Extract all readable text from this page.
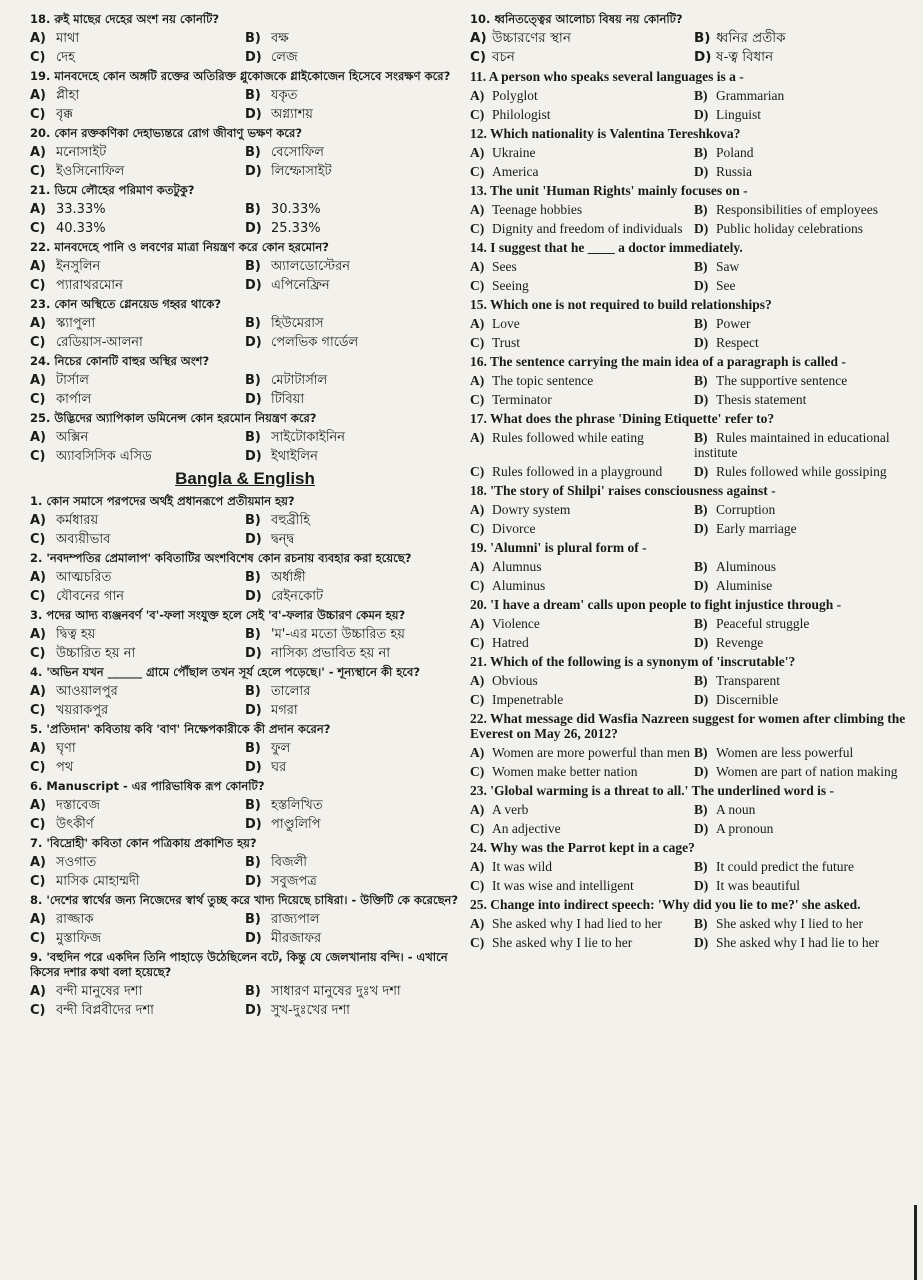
18. রুই মাছের দেহের অংশ নয় কোনটি?
A) মাথা	B) বক্ষ
C) দেহ	D) লেজ
19. মানবদেহে কোন অঙ্গটি রক্তের অতিরিক্ত গ্লুকোজকে গ্লাইকোজেন হিসেবে সংরক্ষণ করে?
A) প্লীহা	B) যকৃত
C) বৃক্ক	D) অগ্ন্যাশয়
20. কোন রক্তকণিকা দেহাভ্যন্তরে রোগ জীবাণু ভক্ষণ করে?
A) মনোসাইট	B) বেসোফিল
C) ইওসিনোফিল	D) লিম্ফোসাইট
21. ডিমে লৌহের পরিমাণ কতটুকু?
A) 33.33%	B) 30.33%
C) 40.33%	D) 25.33%
22. মানবদেহে পানি ও লবণের মাত্রা নিয়ন্ত্রণ করে কোন হরমোন?
A) ইনসুলিন	B) অ্যালডোস্টেরন
C) প্যারাথরমোন	D) এপিনেফ্রিন
23. কোন অস্থিতে গ্লেনয়েড গহ্বর থাকে?
A) স্ক্যাপুলা	B) হিউমেরাস
C) রেডিয়াস-আলনা	D) পেলভিক গার্ডেল
24. নিচের কোনটি বাহুর অস্থির অংশ?
A) টার্সাল	B) মেটাটার্সাল
C) কার্পাল	D) টিবিয়া
25. উদ্ভিদের অ্যাপিকাল ডমিনেন্স কোন হরমোন নিয়ন্ত্রণ করে?
A) অক্সিন	B) সাইটোকাইনিন
C) অ্যাবসিসিক এসিড	D) ইথাইলিন
Bangla & English
1. কোন সমাসে পরপদের অর্থই প্রধানরূপে প্রতীয়মান হয়?
A) কর্মধারয়	B) বহুব্রীহি
C) অব্যয়ীভাব	D) দ্বন্দ্ব
2. 'নবদম্পতির প্রেমালাপ' কবিতাটির অংশবিশেষ কোন রচনায় ব্যবহার করা হয়েছে?
A) আত্মচরিত	B) অর্ধাঙ্গী
C) যৌবনের গান	D) রেইনকোট
3. পদের আদ্য ব্যঞ্জনবর্ণ 'ব'-ফলা সংযুক্ত হলে সেই 'ব'-ফলার উচ্চারণ কেমন হয়?
A) দ্বিত্ব হয়	B) 'ম'-এর মতো উচ্চারিত হয়
C) উচ্চারিত হয় না	D) নাসিক্য প্রভাবিত হয় না
4. 'অভিন যখন ______ গ্রামে পৌঁছাল তখন সূর্য হেলে পড়েছে।' - শূন্যস্থানে কী হবে?
A) আওয়ালপুর	B) তালোর
C) খয়রাকপুর	D) মগরা
5. 'প্রতিদান' কবিতায় কবি 'বাণ' নিক্ষেপকারীকে কী প্রদান করেন?
A) ঘৃণা	B) ফুল
C) পথ	D) ঘর
6. Manuscript - এর পারিভাষিক রূপ কোনটি?
A) দস্তাবেজ	B) হস্তলিখিত
C) উৎকীর্ণ	D) পাণ্ডুলিপি
7. 'বিদ্রোহী' কবিতা কোন পত্রিকায় প্রকাশিত হয়?
A) সওগাত	B) বিজলী
C) মাসিক মোহাম্মদী	D) সবুজপত্র
8. 'দেশের স্বার্থের জন্য নিজেদের স্বার্থ তুচ্ছ করে খাদ্য দিয়েছে চাষিরা। - উক্তিটি কে করেছেন?
A) রাজ্জাক	B) রাজ্যপাল
C) মুস্তাফিজ	D) মীরজাফর
9. 'বহুদিন পরে একদিন তিনি পাহাড়ে উঠেছিলেন বটে, কিন্তু যে জেলখানায় বন্দি। - এখানে কিসের দশার কথা বলা হয়েছে?
A) বন্দী মানুষের দশা	B) সাধারণ মানুষের দুঃখ দশা
C) বন্দী বিপ্লবীদের দশা	D) সুখ-দুঃখের দশা
10. ধ্বনিতত্ত্বের আলোচ্য বিষয় নয় কোনটি?
A) উচ্চারণের স্থান	B) ধ্বনির প্রতীক
C) বচন	D) ষ-ত্ব বিধান
11. A person who speaks several languages is a -
A) Polyglot	B) Grammarian
C) Philologist	D) Linguist
12. Which nationality is Valentina Tereshkova?
A) Ukraine	B) Poland
C) America	D) Russia
13. The unit 'Human Rights' mainly focuses on -
A) Teenage hobbies	B) Responsibilities of employees
C) Dignity and freedom of individuals D) Public holiday celebrations
14. I suggest that he ____ a doctor immediately.
A) Sees	B) Saw
C) Seeing	D) See
15. Which one is not required to build relationships?
A) Love	B) Power
C) Trust	D) Respect
16. The sentence carrying the main idea of a paragraph is called -
A) The topic sentence	B) The supportive sentence
C) Terminator	D) Thesis statement
17. What does the phrase 'Dining Etiquette' refer to?
A) Rules followed while eating	B) Rules maintained in educational institute
C) Rules followed in a playground	D) Rules followed while gossiping
18. 'The story of Shilpi' raises consciousness against -
A) Dowry system	B) Corruption
C) Divorce	D) Early marriage
19. 'Alumni' is plural form of -
A) Alumnus	B) Aluminous
C) Aluminus	D) Aluminise
20. 'I have a dream' calls upon people to fight injustice through -
A) Violence	B) Peaceful struggle
C) Hatred	D) Revenge
21. Which of the following is a synonym of 'inscrutable'?
A) Obvious	B) Transparent
C) Impenetrable	D) Discernible
22. What message did Wasfia Nazreen suggest for women after climbing the Everest on May 26, 2012?
A) Women are more powerful than men B) Women are less powerful
C) Women make better nation	D) Women are part of nation making
23. 'Global warming is a threat to all.' The underlined word is -
A) A verb	B) A noun
C) An adjective	D) A pronoun
24. Why was the Parrot kept in a cage?
A) It was wild	B) It could predict the future
C) It was wise and intelligent	D) It was beautiful
25. Change into indirect speech: 'Why did you lie to me?' she asked.
A) She asked why I had lied to her	B) She asked why I lied to her
C) She asked why I lie to her	D) She asked why I had lie to her
